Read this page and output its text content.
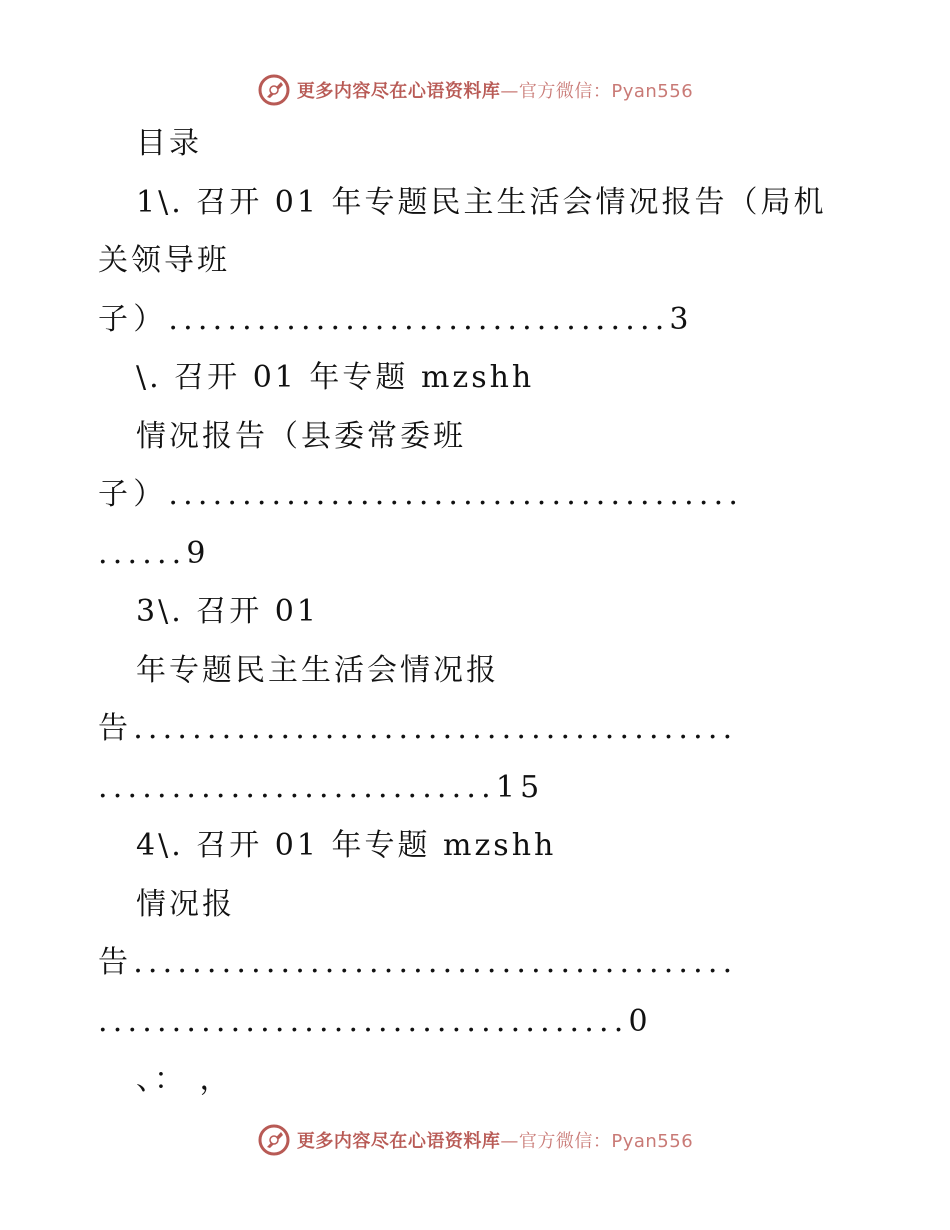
更多内容尽在心语资料库—官方微信：Pyan556
目录
1\. 召开 01 年专题民主生活会情况报告（局机
关领导班
子）..................................3
\. 召开 01 年专题 mzshh
情况报告（县委常委班
子）.......................................
......9
3\. 召开 01
年专题民主生活会情况报
告.........................................
...........................15
4\. 召开 01 年专题 mzshh
情况报
告.........................................
....................................0
、： ，
更多内容尽在心语资料库—官方微信：Pyan556
